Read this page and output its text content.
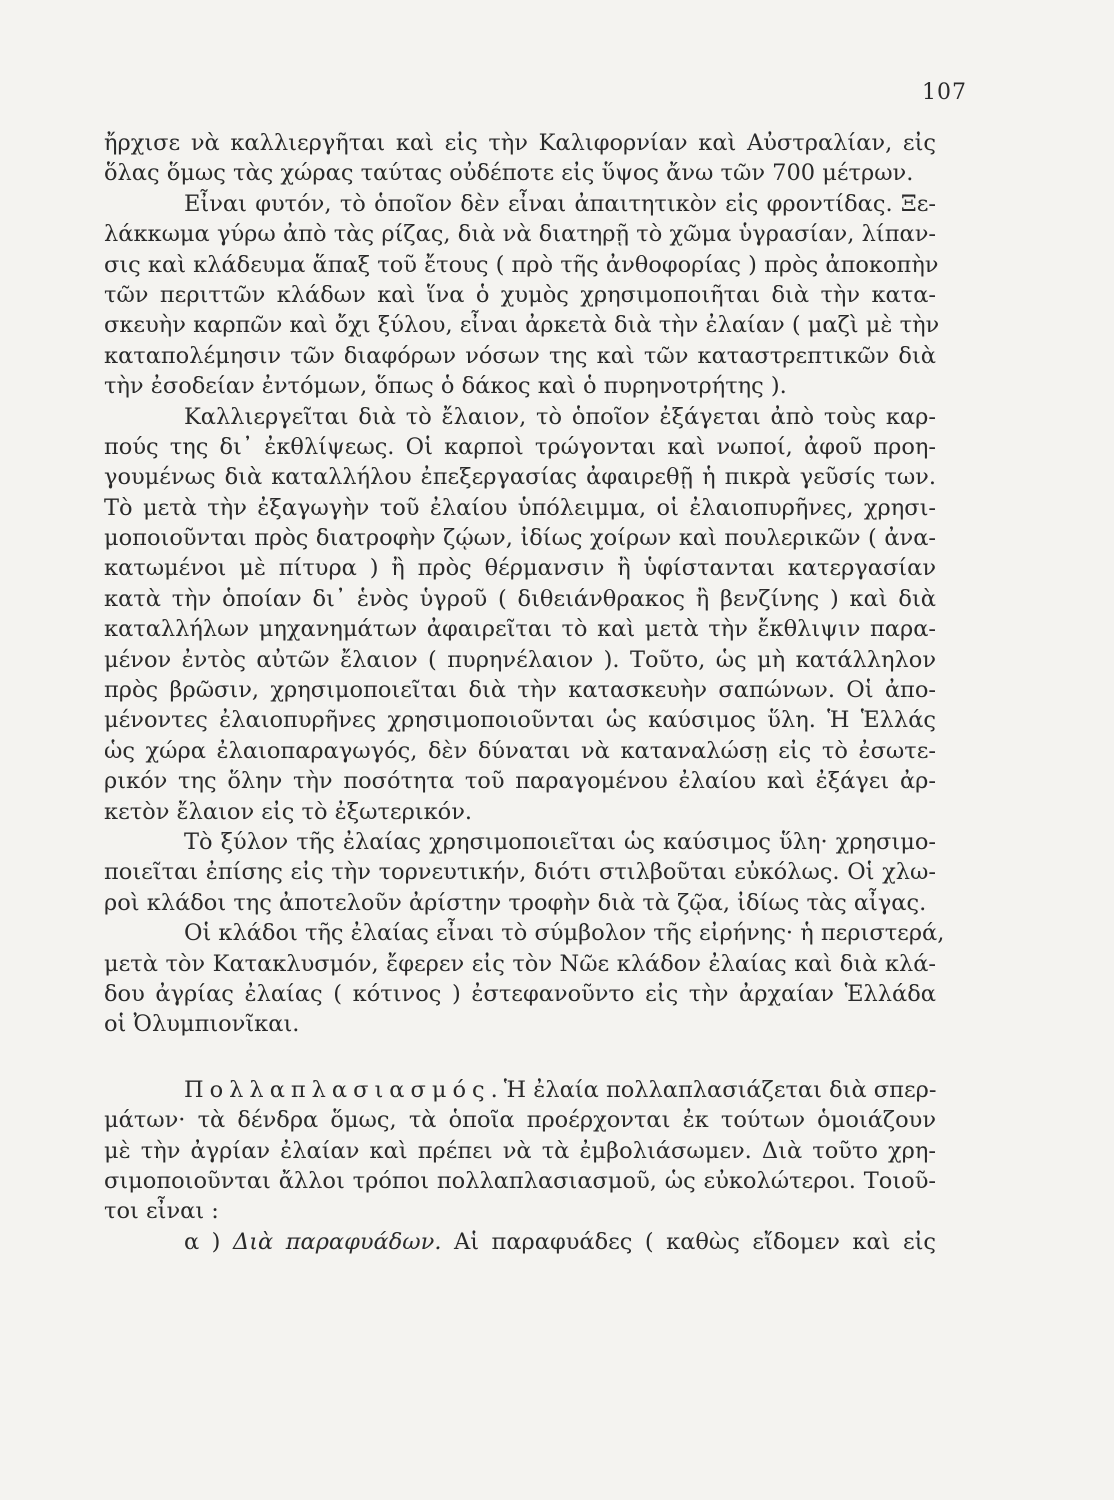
107
ἤρχισε νὰ καλλιεργῆται καὶ εἰς τὴν Καλιφορνίαν καὶ Αὐστραλίαν, εἰς
ὅλας ὅμως τὰς χώρας ταύτας οὐδέποτε εἰς ὕψος ἄνω τῶν 700 μέτρων.
Εἶναι φυτόν, τὸ ὁποῖον δὲν εἶναι ἀπαιτητικὸν εἰς φροντίδας. Ξε-
λάκκωμα γύρω ἀπὸ τὰς ρίζας, διὰ νὰ διατηρῇ τὸ χῶμα ὑγρασίαν, λίπαν-
σις καὶ κλάδευμα ἅπαξ τοῦ ἔτους ( πρὸ τῆς ἀνθοφορίας ) πρὸς ἀποκοπὴν
τῶν περιττῶν κλάδων καὶ ἵνα ὁ χυμὸς χρησιμοποιῆται διὰ τὴν κατα-
σκευὴν καρπῶν καὶ ὄχι ξύλου, εἶναι ἀρκετὰ διὰ τὴν ἐλαίαν ( μαζὶ μὲ τὴν
καταπολέμησιν τῶν διαφόρων νόσων της καὶ τῶν καταστρεπτικῶν διὰ
τὴν ἐσοδείαν ἐντόμων, ὅπως ὁ δάκος καὶ ὁ πυρηνοτρήτης ).
Καλλιεργεῖται διὰ τὸ ἔλαιον, τὸ ὁποῖον ἐξάγεται ἀπὸ τοὺς καρ-
πούς της δι᾽ ἐκθλίψεως. Οἱ καρποὶ τρώγονται καὶ νωποί, ἀφοῦ προη-
γουμένως διὰ καταλλήλου ἐπεξεργασίας ἀφαιρεθῇ ἡ πικρὰ γεῦσίς των.
Τὸ μετὰ τὴν ἐξαγωγὴν τοῦ ἐλαίου ὑπόλειμμα, οἱ ἐλαιοπυρῆνες, χρησι-
μοποιοῦνται πρὸς διατροφὴν ζῴων, ἰδίως χοίρων καὶ πουλερικῶν ( ἀνα-
κατωμένοι μὲ πίτυρα ) ἢ πρὸς θέρμανσιν ἢ ὑφίστανται κατεργασίαν
κατὰ τὴν ὁποίαν δι᾽ ἑνὸς ὑγροῦ ( διθειάνθρακος ἢ βενζίνης ) καὶ διὰ
καταλλήλων μηχανημάτων ἀφαιρεῖται τὸ καὶ μετὰ τὴν ἔκθλιψιν παρα-
μένον ἐντὸς αὐτῶν ἔλαιον ( πυρηνέλαιον ). Τοῦτο, ὡς μὴ κατάλληλον
πρὸς βρῶσιν, χρησιμοποιεῖται διὰ τὴν κατασκευὴν σαπώνων. Οἱ ἀπο-
μένοντες ἐλαιοπυρῆνες χρησιμοποιοῦνται ὡς καύσιμος ὕλη. Ἡ Ἑλλάς
ὡς χώρα ἐλαιοπαραγωγός, δὲν δύναται νὰ καταναλώσῃ εἰς τὸ ἐσωτε-
ρικόν της ὅλην τὴν ποσότητα τοῦ παραγομένου ἐλαίου καὶ ἐξάγει ἀρ-
κετὸν ἔλαιον εἰς τὸ ἐξωτερικόν.
Τὸ ξύλον τῆς ἐλαίας χρησιμοποιεῖται ὡς καύσιμος ὕλη· χρησιμο-
ποιεῖται ἐπίσης εἰς τὴν τορνευτικήν, διότι στιλβοῦται εὐκόλως. Οἱ χλω-
ροὶ κλάδοι της ἀποτελοῦν ἀρίστην τροφὴν διὰ τὰ ζῷα, ἰδίως τὰς αἶγας.
Οἱ κλάδοι τῆς ἐλαίας εἶναι τὸ σύμβολον τῆς εἰρήνης· ἡ περιστερά,
μετὰ τὸν Κατακλυσμόν, ἔφερεν εἰς τὸν Νῶε κλάδον ἐλαίας καὶ διὰ κλά-
δου ἀγρίας ἐλαίας ( κότινος ) ἐστεφανοῦντο εἰς τὴν ἀρχαίαν Ἑλλάδα
οἱ Ὀλυμπιονῖκαι.
Πολλαπλασιασμός.Ἡ ἐλαία πολλαπλασιάζεται διὰ σπερ-
μάτων· τὰ δένδρα ὅμως, τὰ ὁποῖα προέρχονται ἐκ τούτων ὁμοιάζουν
μὲ τὴν ἀγρίαν ἐλαίαν καὶ πρέπει νὰ τὰ ἐμβολιάσωμεν. Διὰ τοῦτο χρη-
σιμοποιοῦνται ἄλλοι τρόποι πολλαπλασιασμοῦ, ὡς εὐκολώτεροι. Τοιοῦ-
τοι εἶναι :
α ) Διὰ παραφυάδων. Αἱ παραφυάδες ( καθὼς εἴδομεν καὶ εἰς
